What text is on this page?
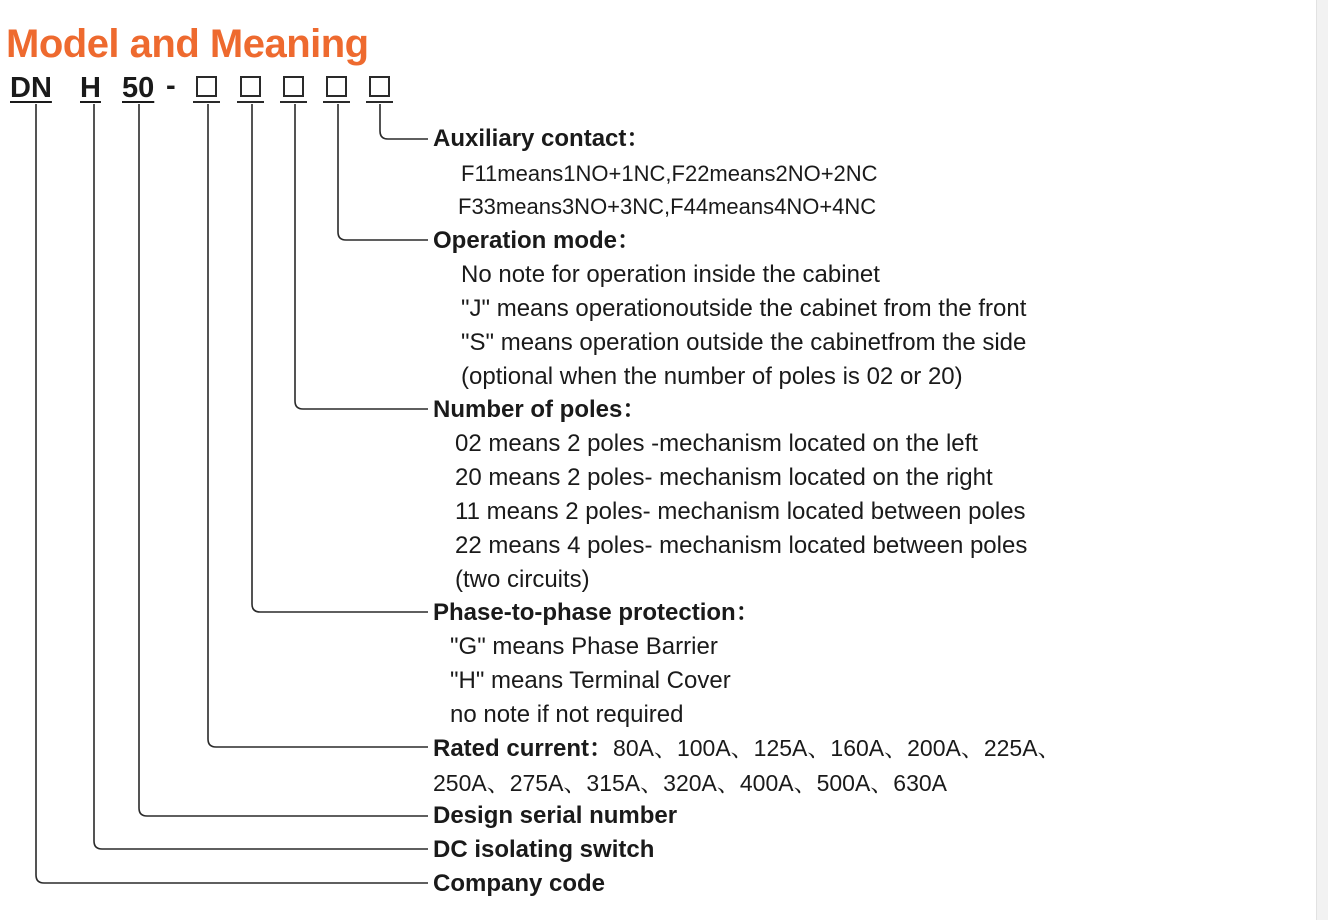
Model and Meaning
DN H 50 -
Auxiliary contact：
F11means1NO+1NC,F22means2NO+2NC
F33means3NO+3NC,F44means4NO+4NC
Operation mode：
No note for operation inside the cabinet
"J" means operationoutside the cabinet from the front
"S" means operation outside the cabinetfrom the side
(optional when the number of poles is 02 or 20)
Number of poles：
02 means 2 poles -mechanism located on the left
20 means 2 poles- mechanism located on the right
11 means 2 poles- mechanism located between poles
22 means 4 poles- mechanism located between poles
(two circuits)
Phase-to-phase protection：
"G" means Phase Barrier
"H" means Terminal Cover
no note if not required
Rated current：80A、100A、125A、160A、200A、225A、
250A、275A、315A、320A、400A、500A、630A
Design serial number
DC isolating switch
Company code
